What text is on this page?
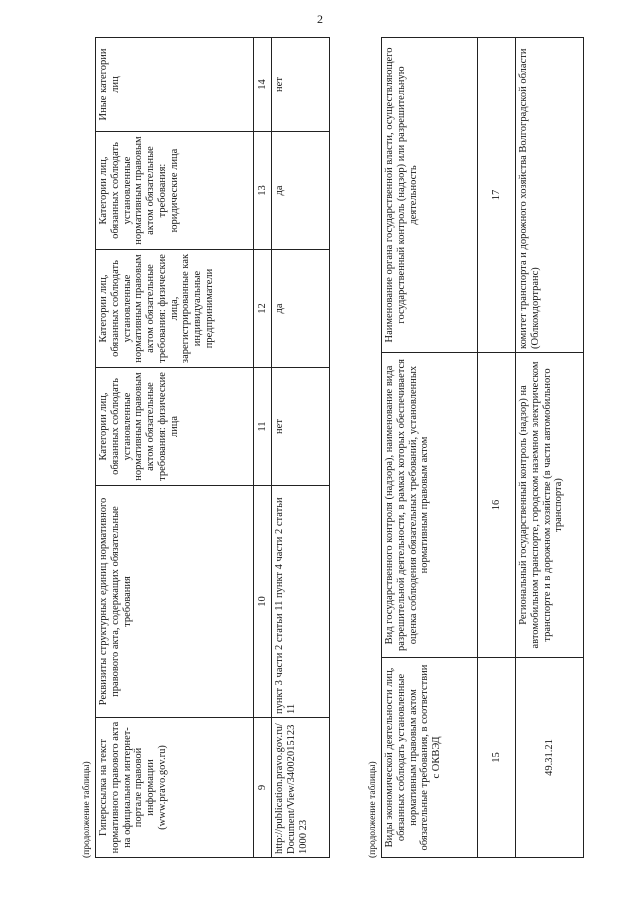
2
(продолжение таблицы) Гиперссылка на текст нормативного правового акта на официальном интернет-портале правовой информации (www.pravo.gov.ru)	Реквизиты структурных единиц нормативного правового акта, содержащих обязательные требования	Категории лиц, обязанных соблюдать установленные нормативным правовым актом обязательные требования: физические лица	Категории лиц, обязанных соблюдать установленные нормативным правовым актом обязательные требования: физические лица, зарегистрированные как индивидуальные предприниматели	Категории лиц, обязанных соблюдать установленные нормативным правовым актом обязательные требования: юридические лица	Иные категории лиц
9	10	11	12	13	14
http://publication.pravo.gov.ru/Document/View/340020151231000 23	пункт 3 части 2 статьи 11 пункт 4 части 2 статьи 11	нет	да	да	нет
(продолжение таблицы) Виды экономической деятельности лиц, обязанных соблюдать установленные нормативным правовым актом обязательные требования, в соответствии с ОКВЭД	Вид государственного контроля (надзора), наименование вида разрешительной деятельности, в рамках которых обеспечивается оценка соблюдения обязательных требований, установленных нормативным правовым актом	Наименование органа государственной власти, осуществляющего государственный контроль (надзор) или разрешительную деятельность
15	16	17
49.31.21	Региональный государственный контроль (надзор) на автомобильном транспорте, городском наземном электрическом транспорте и в дорожном хозяйстве (в части автомобильного транспорта)	комитет транспорта и дорожного хозяйства Волгоградской области (Облкомдортранс)
